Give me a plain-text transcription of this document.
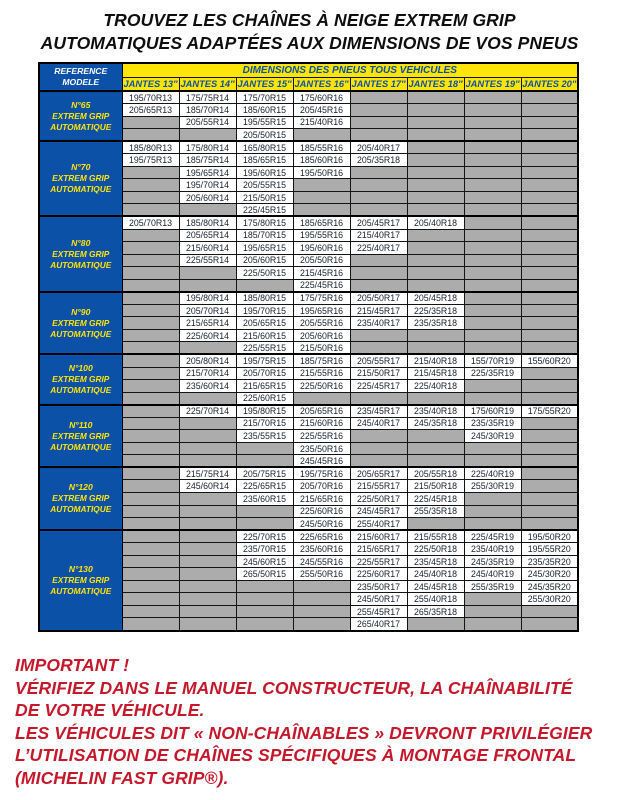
TROUVEZ LES CHAÎNES À NEIGE EXTREM GRIP
AUTOMATIQUES ADAPTÉES AUX DIMENSIONS DE VOS PNEUS
REFERENCE
MODELE	DIMENSIONS DES PNEUS TOUS VEHICULES							
	JANTES 13''	JANTES 14''	JANTES 15''	JANTES 16''	JANTES 17''	JANTES 18''	JANTES 19''	JANTES 20''

N°65
EXTREM GRIP
AUTOMATIQUE	195/70R13	175/75R14	175/70R15	175/60R16				
	205/65R13	185/70R14	185/60R15	205/45R16				
		205/55R14	195/55R15	215/40R16				
			205/50R15					

N°70
EXTREM GRIP
AUTOMATIQUE	185/80R13	175/80R14	165/80R15	185/55R16	205/40R17			
	195/75R13	185/75R14	185/65R15	185/60R16	205/35R18			
		195/65R14	195/60R15	195/50R16				
		195/70R14	205/55R15					
		205/60R14	215/50R15					
			225/45R15					

N°80
EXTREM GRIP
AUTOMATIQUE	205/70R13	185/80R14	175/80R15	185/65R16	205/45R17	205/40R18		
		205/65R14	185/70R15	195/55R16	215/40R17			
		215/60R14	195/65R15	195/60R16	225/40R17			
		225/55R14	205/60R15	205/50R16				
			225/50R15	215/45R16				
				225/45R16				

N°90
EXTREM GRIP
AUTOMATIQUE		195/80R14	185/80R15	175/75R16	205/50R17	205/45R18		
		205/70R14	195/70R15	195/65R16	215/45R17	225/35R18		
		215/65R14	205/65R15	205/55R16	235/40R17	235/35R18		
		225/60R14	215/60R15	205/60R16				
			225/55R15	215/50R16				

N°100
EXTREM GRIP
AUTOMATIQUE		205/80R14	195/75R15	185/75R16	205/55R17	215/40R18	155/70R19	155/60R20
		215/70R14	205/70R15	215/55R16	215/50R17	215/45R18	225/35R19	
		235/60R14	215/65R15	225/50R16	225/45R17	225/40R18		
			225/60R15					

N°110
EXTREM GRIP
AUTOMATIQUE		225/70R14	195/80R15	205/65R16	235/45R17	235/40R18	175/60R19	175/55R20
			215/70R15	215/60R16	245/40R17	245/35R18	235/35R19	
			235/55R15	225/55R16			245/30R19	
				235/50R16				
				245/45R16				

N°120
EXTREM GRIP
AUTOMATIQUE		215/75R14	205/75R15	195/75R16	205/65R17	205/55R18	225/40R19	
		245/60R14	225/65R15	205/70R16	215/55R17	215/50R18	255/30R19	
			235/60R15	215/65R16	225/50R17	225/45R18		
				225/60R16	245/45R17	255/35R18		
				245/50R16	255/40R17			

N°130
EXTREM GRIP
AUTOMATIQUE			225/70R15	225/65R16	215/60R17	215/55R18	225/45R19	195/50R20
			235/70R15	235/60R16	215/65R17	225/50R18	235/40R19	195/55R20
			245/60R15	245/55R16	225/55R17	235/45R18	245/35R19	235/35R20
			265/50R15	255/50R16	225/60R17	245/40R18	245/40R19	245/30R20
					235/50R17	245/45R18	255/35R19	245/35R20
					245/50R17	255/40R18		255/30R20
					255/45R17	265/35R18		
					265/40R17			
IMPORTANT !
VÉRIFIEZ DANS LE MANUEL CONSTRUCTEUR, LA CHAÎNABILITÉ
DE VOTRE VÉHICULE.
LES VÉHICULES DIT « NON-CHAÎNABLES » DEVRONT PRIVILÉGIER
L’UTILISATION DE CHAÎNES SPÉCIFIQUES À MONTAGE FRONTAL
(MICHELIN FAST GRIP®).
